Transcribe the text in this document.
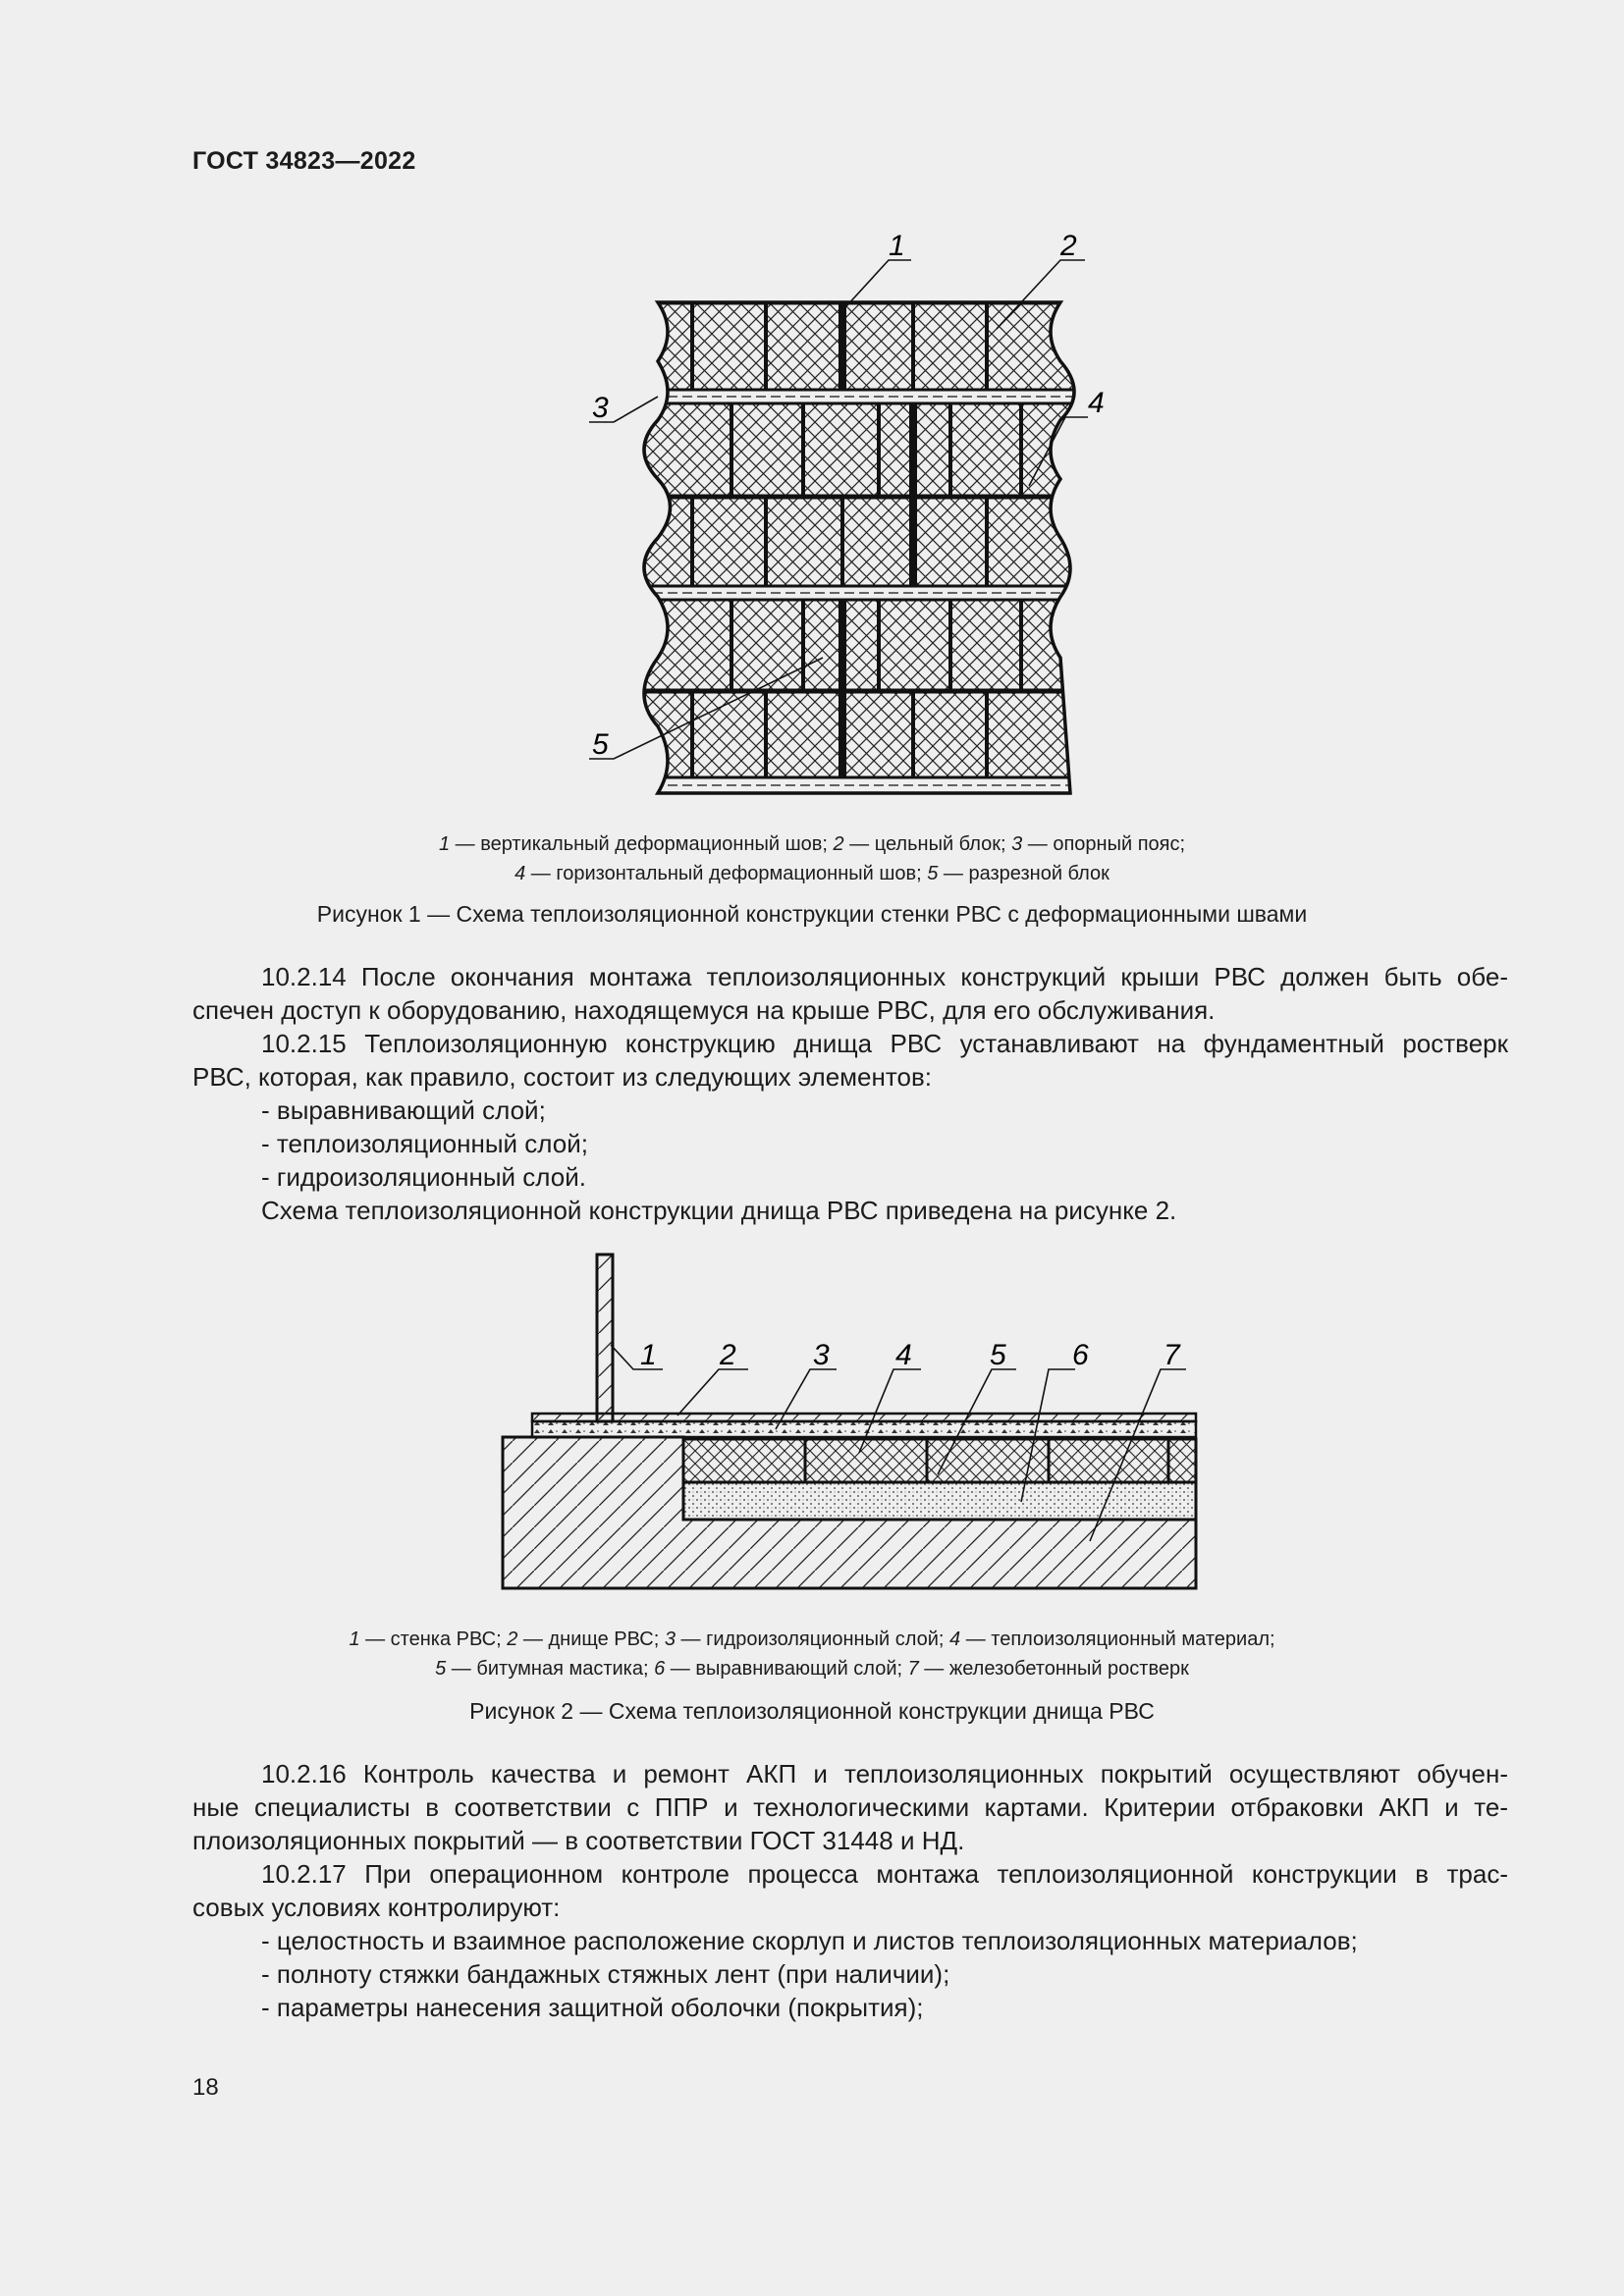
ГОСТ 34823—2022
1	2
3	4
5
1 — вертикальный деформационный шов; 2 — цельный блок; 3 — опорный пояс;
4 — горизонтальный деформационный шов; 5 — разрезной блок
Рисунок 1 — Схема теплоизоляционной конструкции стенки РВС с деформационными швами

10.2.14 После окончания монтажа теплоизоляционных конструкций крыши РВС должен быть обе-

спечен доступ к оборудованию, находящемуся на крыше РВС, для его обслуживания.

10.2.15 Теплоизоляционную конструкцию днища РВС устанавливают на фундаментный ростверк

РВС, которая, как правило, состоит из следующих элементов:

- выравнивающий слой;

- теплоизоляционный слой;

- гидроизоляционный слой.

Схема теплоизоляционной конструкции днища РВС приведена на рисунке 2.

1 2	3 4	5 6	7
1 — стенка РВС; 2 — днище РВС; 3 — гидроизоляционный слой; 4 — теплоизоляционный материал;
5 — битумная мастика; 6 — выравнивающий слой; 7 — железобетонный ростверк
Рисунок 2 — Схема теплоизоляционной конструкции днища РВС

10.2.16 Контроль качества и ремонт АКП и теплоизоляционных покрытий осуществляют обучен-

ные специалисты в соответствии с ППР и технологическими картами. Критерии отбраковки АКП и те-

плоизоляционных покрытий — в соответствии ГОСТ 31448 и НД.

10.2.17 При операционном контроле процесса монтажа теплоизоляционной конструкции в трас-

совых условиях контролируют:

- целостность и взаимное расположение скорлуп и листов теплоизоляционных материалов;

- полноту стяжки бандажных стяжных лент (при наличии);

- параметры нанесения защитной оболочки (покрытия);

18
